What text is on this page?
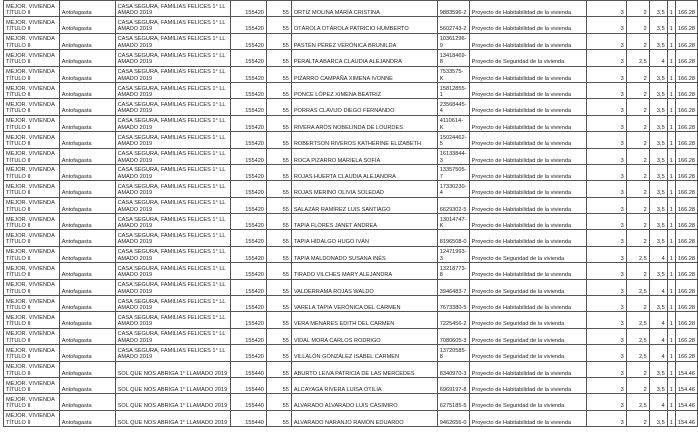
MEJOR. VIVIENDA TÍTULO II	Antofagasta	CASA SEGURA, FAMILIAS FELICES 1° LLAMADO 2019	155420	55	ORTIZ MOLINA MARÍA CRISTINA	9883596-2	Proyecto de Habitabilidad de la vivienda	3	2	3,5	1	166.28
MEJOR. VIVIENDA TÍTULO II	Antofagasta	CASA SEGURA, FAMILIAS FELICES 1° LLAMADO 2019	155420	55	OTÁROLA OTÁROLA PATRICIO HUMBERTO	5602743-2	Proyecto de Habitabilidad de la vivienda	3	2	3,5	1	166.28
MEJOR. VIVIENDA TÍTULO II	Antofagasta	CASA SEGURA, FAMILIAS FELICES 1° LLAMADO 2019	155420	55	PASTÉN PÉREZ VERÓNICA BRUNILDA	10361296-9	Proyecto de Habitabilidad de la vivienda	3	2	3,5	1	166.28
MEJOR. VIVIENDA TÍTULO II	Antofagasta	CASA SEGURA, FAMILIAS FELICES 1° LLAMADO 2019	155420	55	PERALTA ABARCA CLAUDIA ALEJANDRA	13418469-8	Proyecto de Seguridad de la vivienda	3	2,5	4	1	166.28
MEJOR. VIVIENDA TÍTULO II	Antofagasta	CASA SEGURA, FAMILIAS FELICES 1° LLAMADO 2019	155420	55	PIZARRO CAMPAÑA XIMENA IVONNE	7533575-K	Proyecto de Habitabilidad de la vivienda	3	2	3,5	1	166.28
MEJOR. VIVIENDA TÍTULO II	Antofagasta	CASA SEGURA, FAMILIAS FELICES 1° LLAMADO 2019	155420	55	PONCE LÓPEZ XIMENA BEATRIZ	15812855-1	Proyecto de Habitabilidad de la vivienda	3	2	3,5	1	166.28
MEJOR. VIVIENDA TÍTULO II	Antofagasta	CASA SEGURA, FAMILIAS FELICES 1° LLAMADO 2019	155420	55	PORRAS CLAVIJO DIEGO FERNANDO	23568445-4	Proyecto de Habitabilidad de la vivienda	3	2	3,5	1	166.28
MEJOR. VIVIENDA TÍTULO II	Antofagasta	CASA SEGURA, FAMILIAS FELICES 1° LLAMADO 2019	155420	55	RIVERA AROS NOBELINDA DE LOURDES	4110614-K	Proyecto de Habitabilidad de la vivienda	3	2	3,5	1	166.28
MEJOR. VIVIENDA TÍTULO II	Antofagasta	CASA SEGURA, FAMILIAS FELICES 1° LLAMADO 2019	155420	55	ROBERTSON RIVEROS KATHERINE ELIZABETH	15024462-5	Proyecto de Habitabilidad de la vivienda	3	2	3,5	1	166.28
MEJOR. VIVIENDA TÍTULO II	Antofagasta	CASA SEGURA, FAMILIAS FELICES 1° LLAMADO 2019	155420	55	ROCA PIZARRO MARIELA SOFÍA	16133844-3	Proyecto de Habitabilidad de la vivienda	3	2	3,5	1	166.28
MEJOR. VIVIENDA TÍTULO II	Antofagasta	CASA SEGURA, FAMILIAS FELICES 1° LLAMADO 2019	155420	55	ROJAS HUERTA CLAUDIA ALEJANDRA	13357505-7	Proyecto de Habitabilidad de la vivienda	3	2	3,5	1	166.28
MEJOR. VIVIENDA TÍTULO II	Antofagasta	CASA SEGURA, FAMILIAS FELICES 1° LLAMADO 2019	155420	55	ROJAS MERINO OLIVIA SOLEDAD	17330230-4	Proyecto de Habitabilidad de la vivienda	3	2	3,5	1	166.28
MEJOR. VIVIENDA TÍTULO II	Antofagasta	CASA SEGURA, FAMILIAS FELICES 1° LLAMADO 2019	155420	55	SALAZAR RAMÍREZ LUIS SANTIAGO	6629302-5	Proyecto de Habitabilidad de la vivienda	3	2	3,5	1	166.28
MEJOR. VIVIENDA TÍTULO II	Antofagasta	CASA SEGURA, FAMILIAS FELICES 1° LLAMADO 2019	155420	55	TAPIA FLORES JANET ANDREA	13014747-K	Proyecto de Habitabilidad de la vivienda	3	2	3,5	1	166.28
MEJOR. VIVIENDA TÍTULO II	Antofagasta	CASA SEGURA, FAMILIAS FELICES 1° LLAMADO 2019	155420	55	TAPIA HIDALGO HUGO IVÁN	8196508-0	Proyecto de Habitabilidad de la vivienda	3	2	3,5	1	166.28
MEJOR. VIVIENDA TÍTULO II	Antofagasta	CASA SEGURA, FAMILIAS FELICES 1° LLAMADO 2019	155420	55	TAPIA MALDONADO SUSANA INÉS	12471993-3	Proyecto de Seguridad de la vivienda	3	2,5	4	1	166.28
MEJOR. VIVIENDA TÍTULO II	Antofagasta	CASA SEGURA, FAMILIAS FELICES 1° LLAMADO 2019	155420	55	TIRADO VILCHES MARY ALEJANDRA	13218773-8	Proyecto de Habitabilidad de la vivienda	3	2	3,5	1	166.28
MEJOR. VIVIENDA TÍTULO II	Antofagasta	CASA SEGURA, FAMILIAS FELICES 1° LLAMADO 2019	155420	55	VALDERRAMA ROJAS WALDO	3946483-7	Proyecto de Seguridad de la vivienda	3	2,5	4	1	166.28
MEJOR. VIVIENDA TÍTULO II	Antofagasta	CASA SEGURA, FAMILIAS FELICES 1° LLAMADO 2019	155420	55	VARELA TAPIA VERÓNICA DEL CARMEN	7673380-5	Proyecto de Habitabilidad de la vivienda	3	2	3,5	1	166.28
MEJOR. VIVIENDA TÍTULO II	Antofagasta	CASA SEGURA, FAMILIAS FELICES 1° LLAMADO 2019	155420	55	VERA MENARES EDITH DEL CARMEN	7225456-2	Proyecto de Seguridad de la vivienda	3	2,5	4	1	166.28
MEJOR. VIVIENDA TÍTULO II	Antofagasta	CASA SEGURA, FAMILIAS FELICES 1° LLAMADO 2019	155420	55	VIDAL MORA CARLOS RODRIGO	7080605-3	Proyecto de Seguridad de la vivienda	3	2,5	4	1	166.28
MEJOR. VIVIENDA TÍTULO II	Antofagasta	CASA SEGURA, FAMILIAS FELICES 1° LLAMADO 2019	155420	55	VILLALÓN GONZÁLEZ ISABEL CARMEN	13720585-8	Proyecto de Seguridad de la vivienda	3	2,5	4	1	166.28
MEJOR. VIVIENDA TÍTULO II	Antofagasta	SOL QUE NOS ABRIGA 1° LLAMADO 2019	155440	55	ABURTO LEIVA PATRICIA DE LAS MERCEDES	8340970-3	Proyecto de Habitabilidad de la vivienda	3	2	3,5	1	154.46
MEJOR. VIVIENDA TÍTULO II	Antofagasta	SOL QUE NOS ABRIGA 1° LLAMADO 2019	155440	55	ALCAYAGA RIVERA LUISA OTILIA	6969197-8	Proyecto de Habitabilidad de la vivienda	3	2	3,5	1	154.46
MEJOR. VIVIENDA TÍTULO II	Antofagasta	SOL QUE NOS ABRIGA 1° LLAMADO 2019	155440	55	ALVARADO ALVARADO LUIS CASIMIRO	6275185-5	Proyecto de Seguridad de la vivienda	3	2,5	4	1	154.46
MEJOR. VIVIENDA TÍTULO II	Antofagasta	SOL QUE NOS ABRIGA 1° LLAMADO 2019	155440	55	ALVARADO NARANJO RAMÓN EDUARDO	9462656-0	Proyecto de Habitabilidad de la vivienda	3	2	3,5	1	154.46
